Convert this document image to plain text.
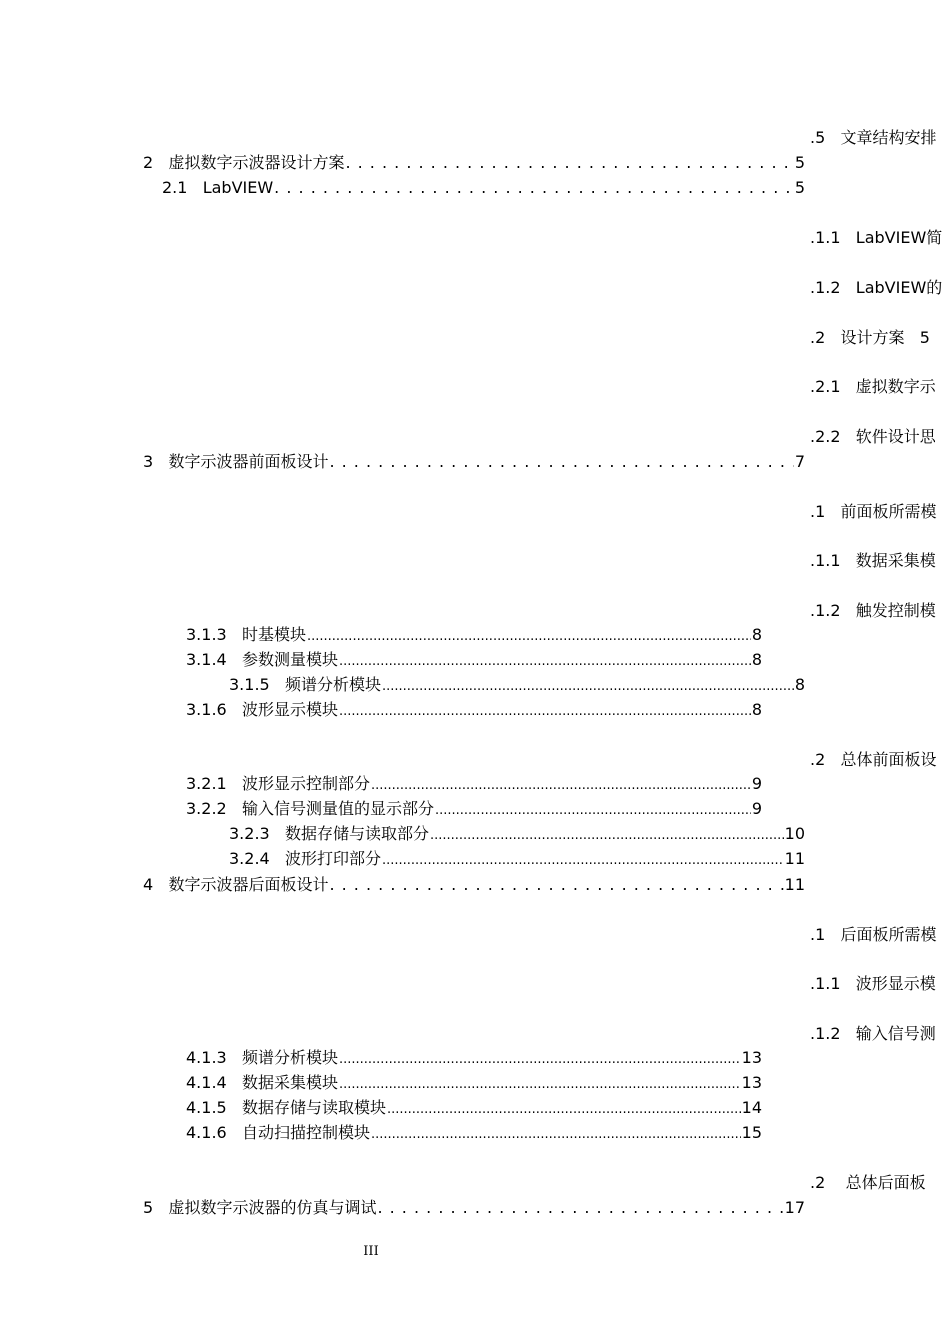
2   虚拟数字示波器设计方案 . . .	5
2.1   LabVIEW . . .	5
3   数字示波器前面板设计 . . .	7
3.1.3   时基模块 .....	8
3.1.4   参数测量模块 .....	8
3.1.5   频谱分析模块 .....	8
3.1.6   波形显示模块 .....	8
3.2.1   波形显示控制部分 .....	9
3.2.2   输入信号测量值的显示部分 .....	9
3.2.3   数据存储与读取部分 .....	10
3.2.4   波形打印部分 .....	11
4   数字示波器后面板设计 . . .	11
4.1.3   频谱分析模块 .....	13
4.1.4   数据采集模块 .....	13
4.1.5   数据存储与读取模块 .....	14
4.1.6   自动扫描控制模块 .....	15
5   虚拟数字示波器的仿真与调试 . . .	17
.5   文章结构安排
.1.1   LabVIEW简
.1.2   LabVIEW的
.2   设计方案   5
.2.1   虚拟数字示
.2.2   软件设计思
.1   前面板所需模
.1.1   数据采集模
.1.2   触发控制模
.2   总体前面板设
.1   后面板所需模
.1.1   波形显示模
.1.2   输入信号测
.2    总体后面板
III
